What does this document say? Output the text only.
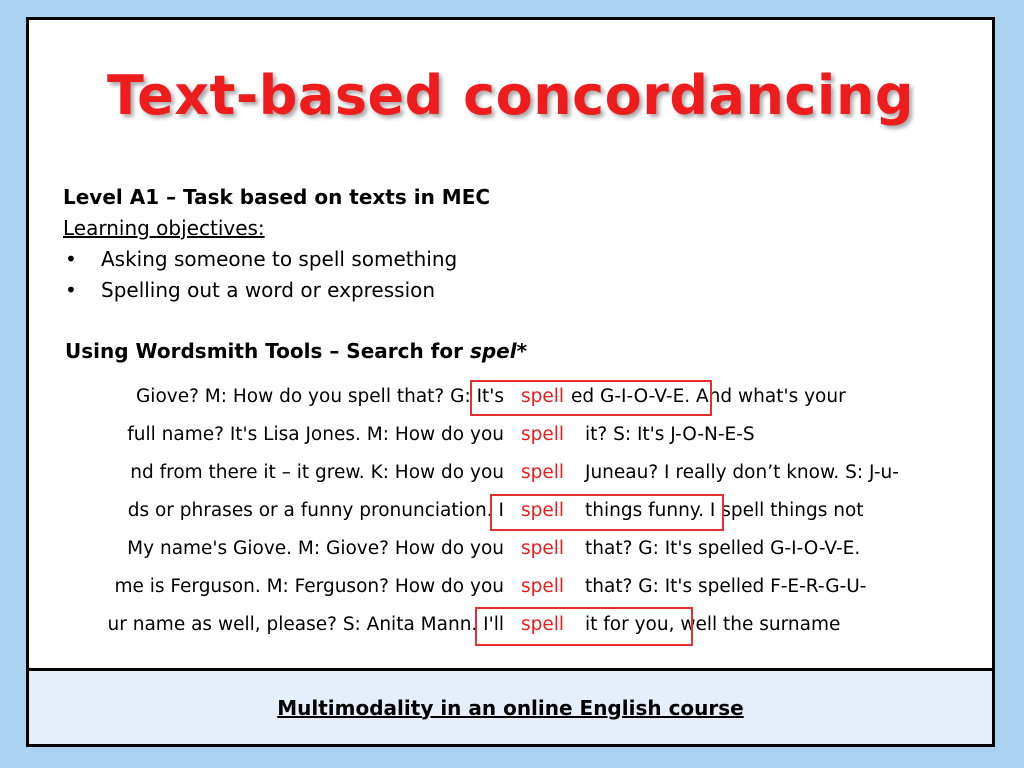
Text-based concordancing
Level A1 – Task based on texts in MEC
Learning objectives:
• Asking someone to spell something
• Spelling out a word or expression
Using Wordsmith Tools – Search for spel*
Giove? M: How do you spell that? G: It's spell ed G-I-O-V-E. And what's your
full name? It's Lisa Jones. M: How do you spell it? S: It's J-O-N-E-S
nd from there it – it grew. K: How do you spell Juneau? I really don’t know. S: J-u-
ds or phrases or a funny pronunciation. I spell things funny. I spell things not
My name's Giove. M: Giove? How do you spell that? G: It's spelled G-I-O-V-E.
me is Ferguson. M: Ferguson? How do you spell that? G: It's spelled F-E-R-G-U-
ur name as well, please? S: Anita Mann. I'll spell it for you, well the surname
Multimodality in an online English course
